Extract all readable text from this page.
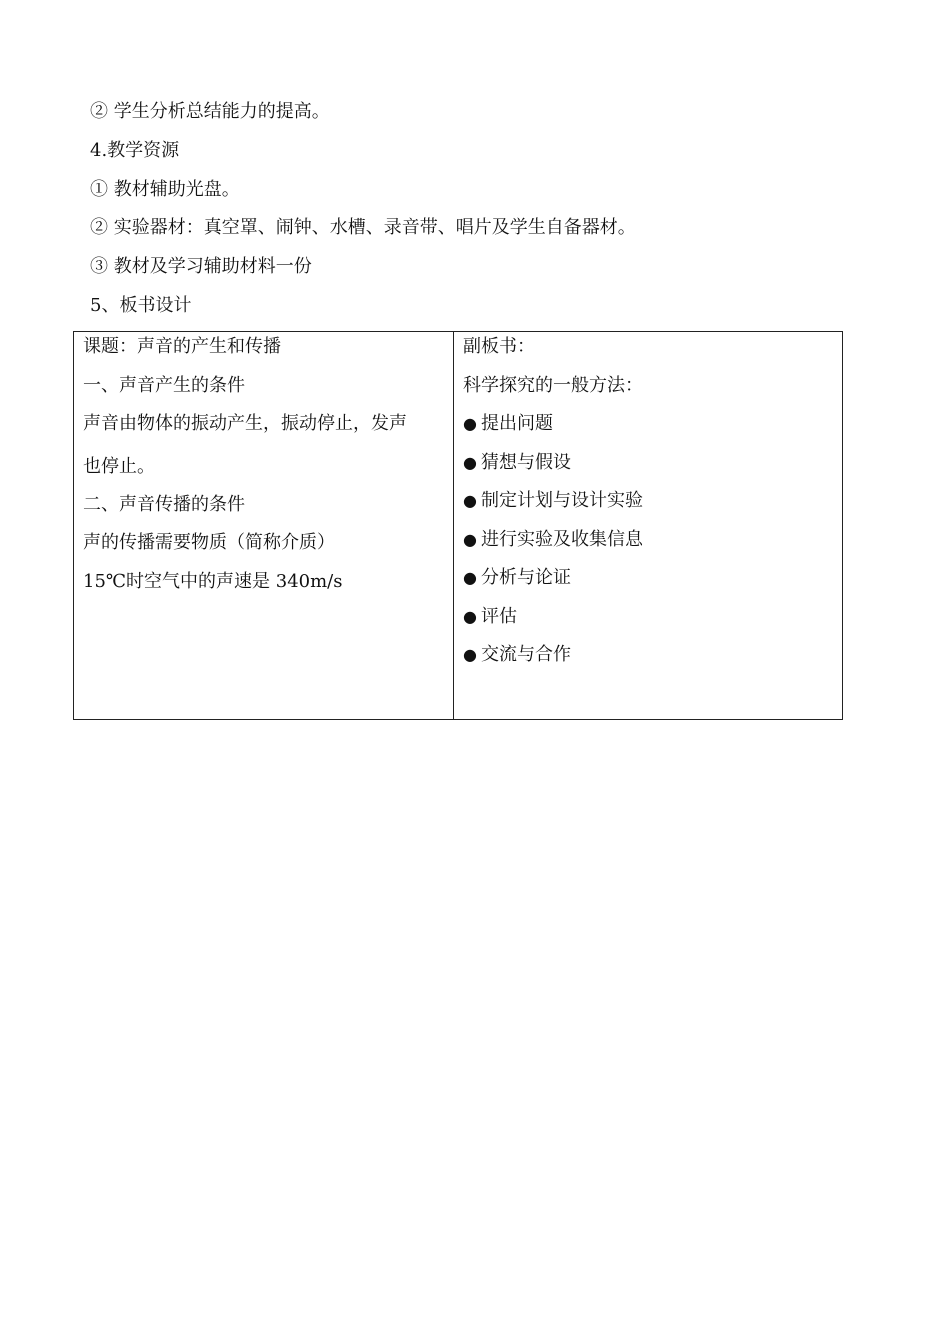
② 学生分析总结能力的提高。
4.教学资源
① 教材辅助光盘。
② 实验器材：真空罩、闹钟、水槽、录音带、唱片及学生自备器材。
③ 教材及学习辅助材料一份
5、板书设计
课题：声音的产生和传播
一、声音产生的条件
声音由物体的振动产生，振动停止，发声
也停止。
二、声音传播的条件
声的传播需要物质（简称介质）
15℃时空气中的声速是 340m/s
副板书：
科学探究的一般方法：
● 提出问题
● 猜想与假设
● 制定计划与设计实验
● 进行实验及收集信息
● 分析与论证
● 评估
● 交流与合作
